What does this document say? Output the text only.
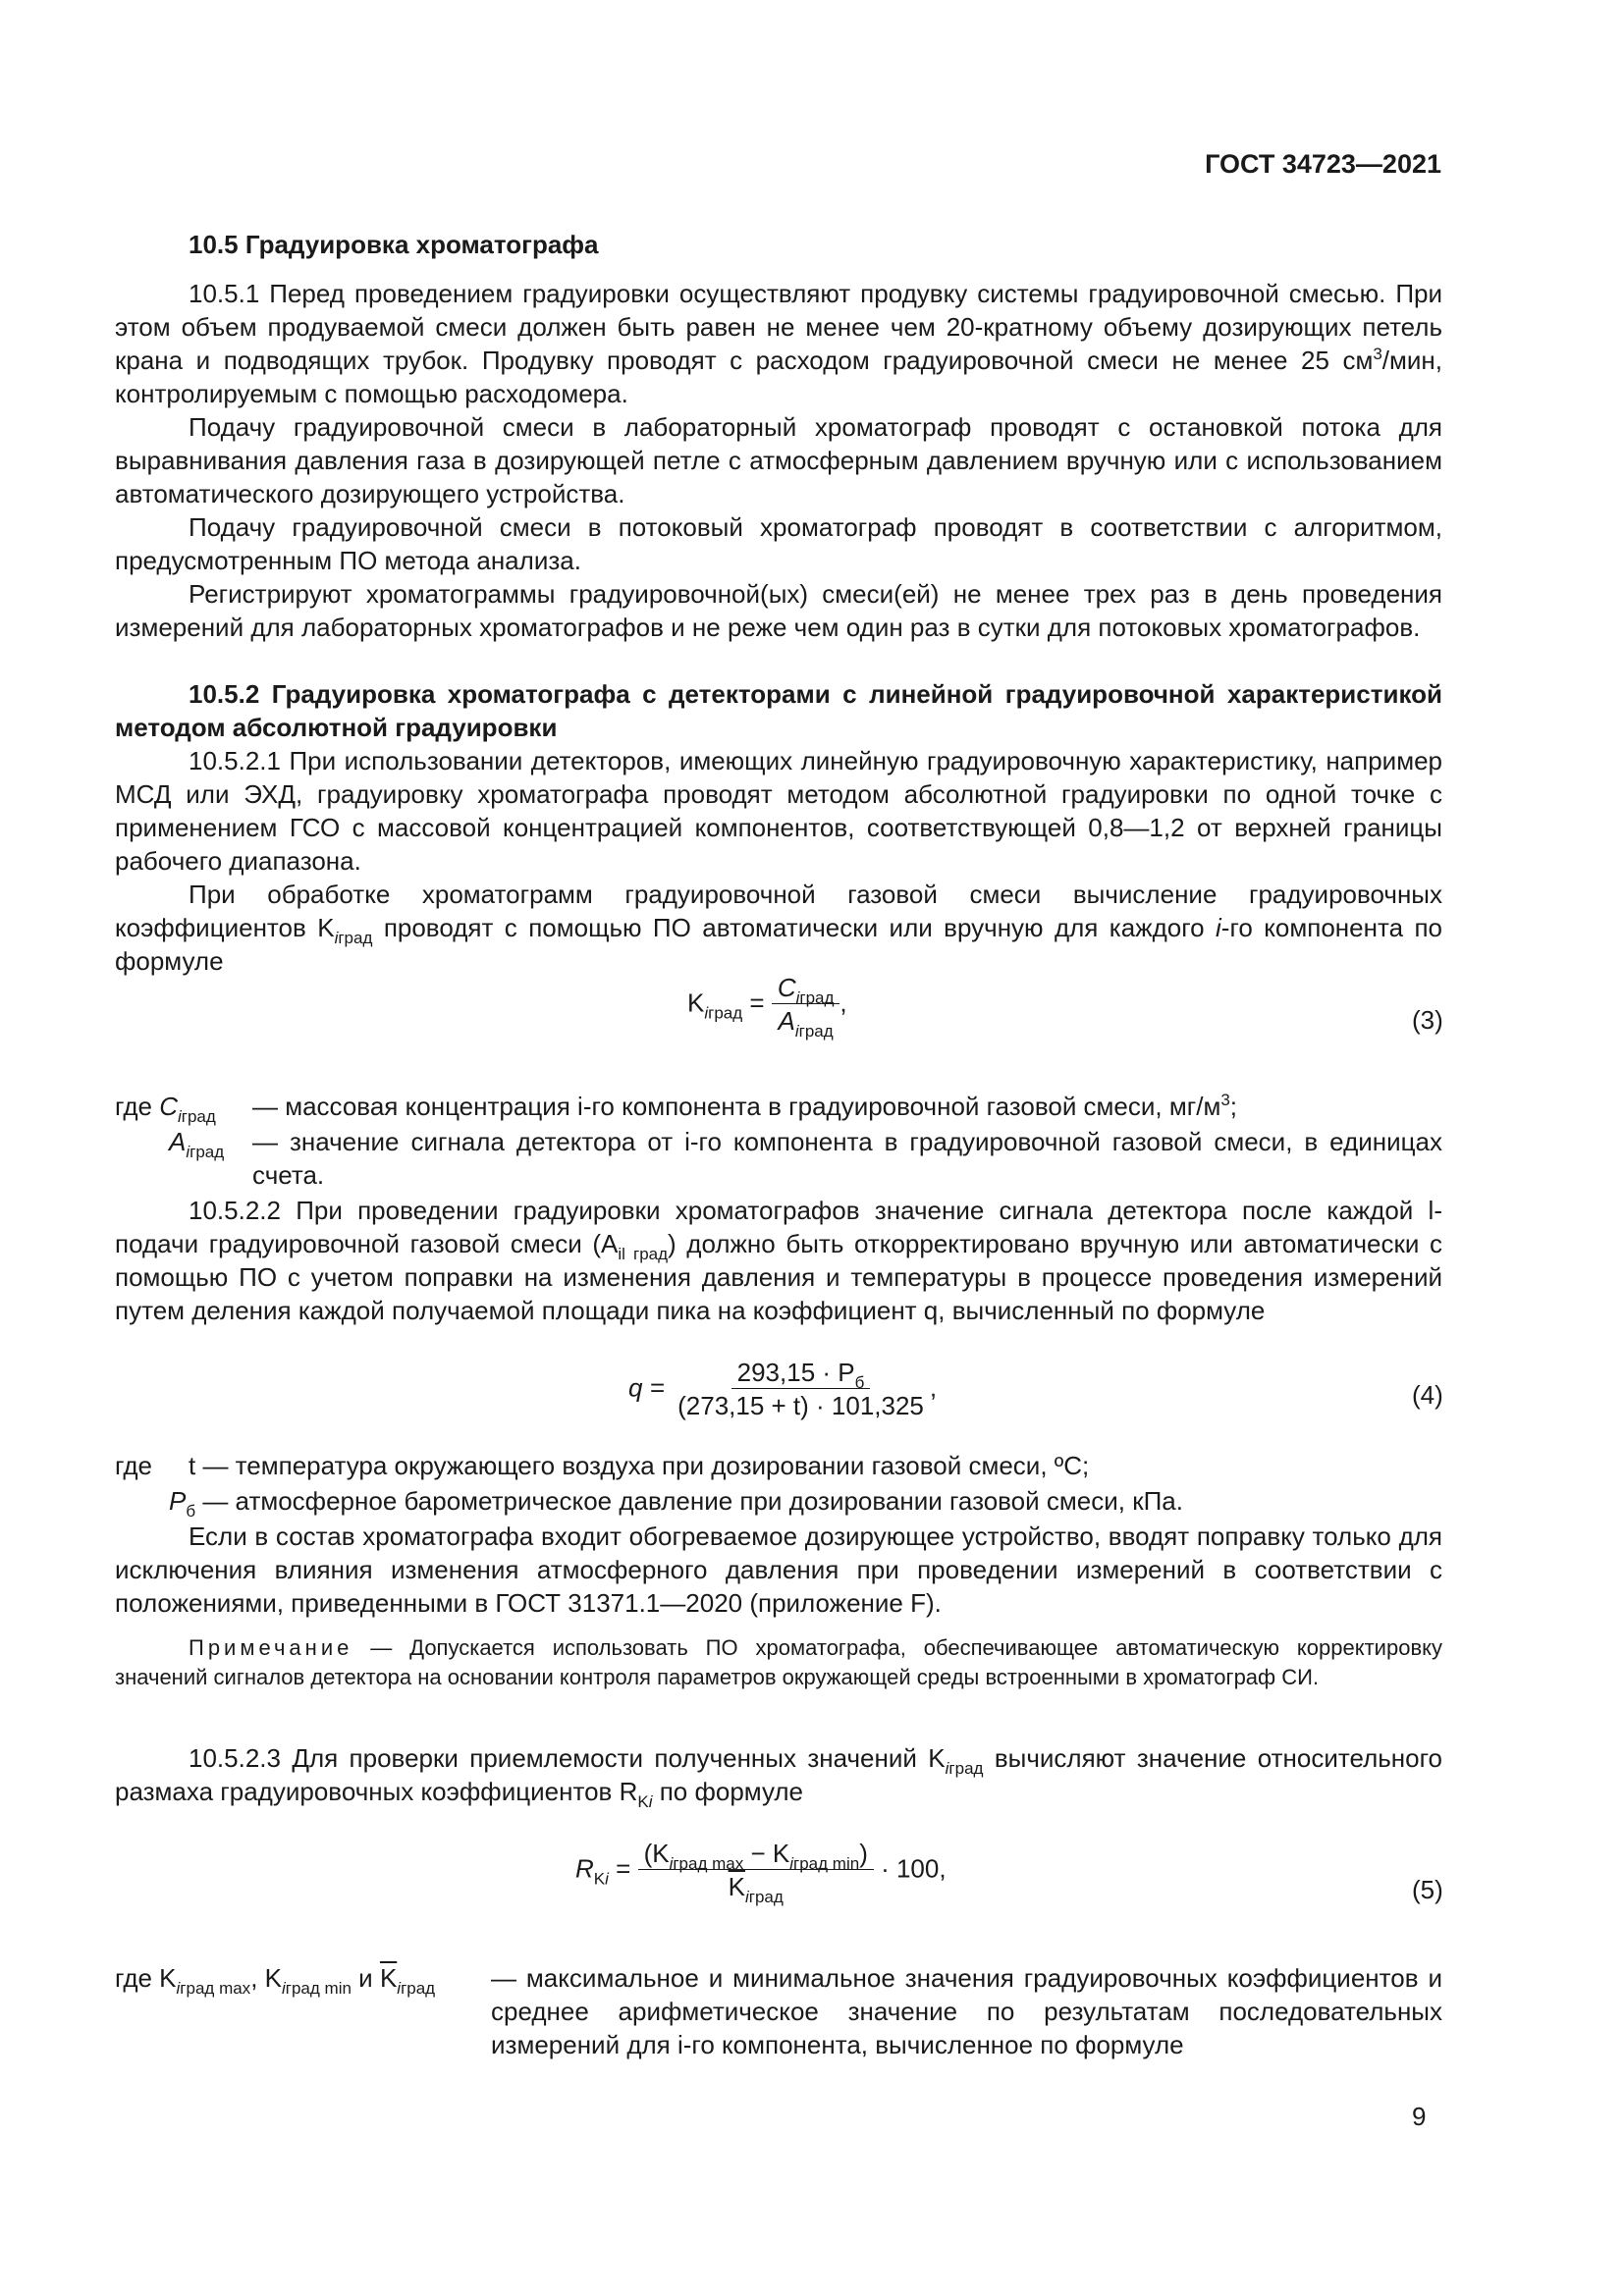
ГОСТ 34723—2021
10.5 Градуировка хроматографа
10.5.1 Перед проведением градуировки осуществляют продувку системы градуировочной смесью. При этом объем продуваемой смеси должен быть равен не менее чем 20-кратному объему дозирующих петель крана и подводящих трубок. Продувку проводят с расходом градуировочной смеси не менее 25 $см^3$/мин, контролируемым с помощью расходомера.
Подачу градуировочной смеси в лабораторный хроматограф проводят с остановкой потока для выравнивания давления газа в дозирующей петле с атмосферным давлением вручную или с использованием автоматического дозирующего устройства.
Подачу градуировочной смеси в потоковый хроматограф проводят в соответствии с алгоритмом, предусмотренным ПО метода анализа.
Регистрируют хроматограммы градуировочной(ых) смеси(ей) не менее трех раз в день проведения измерений для лабораторных хроматографов и не реже чем один раз в сутки для потоковых хроматографов.
10.5.2 Градуировка хроматографа с детекторами с линейной градуировочной характеристикой методом абсолютной градуировки
10.5.2.1 При использовании детекторов, имеющих линейную градуировочную характеристику, например МСД или ЭХД, градуировку хроматографа проводят методом абсолютной градуировки по одной точке с применением ГСО с массовой концентрацией компонентов, соответствующей 0,8—1,2 от верхней границы рабочего диапазона.
При обработке хроматограмм градуировочной газовой смеси вычисление градуировочных коэффициентов $K_{iград}$ проводят с помощью ПО автоматически или вручную для каждого i-го компонента по формуле
$K_{iград} = \frac{C_{iград}}{A_{iград}}$ ,
(3)
где $C_{iград}$ — массовая концентрация i-го компонента в градуировочной газовой смеси, $мг/м^3$;
$A_{iград}$ — значение сигнала детектора от i-го компонента в градуировочной газовой смеси, в единицах счета.
10.5.2.2 При проведении градуировки хроматографов значение сигнала детектора после каждой l-подачи градуировочной газовой смеси $(A_{il град})$ должно быть откорректировано вручную или автоматически с помощью ПО с учетом поправки на изменения давления и температуры в процессе проведения измерений путем деления каждой получаемой площади пика на коэффициент q, вычисленный по формуле
$q = \frac{293,15 \cdot P_б}{(273,15 + t) \cdot 101,325}$ ,	(4)
где t — температура окружающего воздуха при дозировании газовой смеси, ºС;
$P_б$ — атмосферное барометрическое давление при дозировании газовой смеси, кПа.
Если в состав хроматографа входит обогреваемое дозирующее устройство, вводят поправку только для исключения влияния изменения атмосферного давления при проведении измерений в соответствии с положениями, приведенными в ГОСТ 31371.1—2020 (приложение F).
Примечание — Допускается использовать ПО хроматографа, обеспечивающее автоматическую корректировку значений сигналов детектора на основании контроля параметров окружающей среды встроенными в хроматограф СИ.
10.5.2.3 Для проверки приемлемости полученных значений $K_{iград}$ вычисляют значение относительного размаха градуировочных коэффициентов $R_{Ki}$ по формуле
$R_{Ki} = \frac{(K_{iград max} - K_{iград min})}{\overline{K}_{iград}} \cdot 100$,
(5)
где $K_{iград max}$, $K_{iград min}$ и $\overline{K}_{iград}$ — максимальное и минимальное значения градуировочных коэффициентов и среднее арифметическое значение по результатам последовательных измерений для i-го компонента, вычисленное по формуле
9
